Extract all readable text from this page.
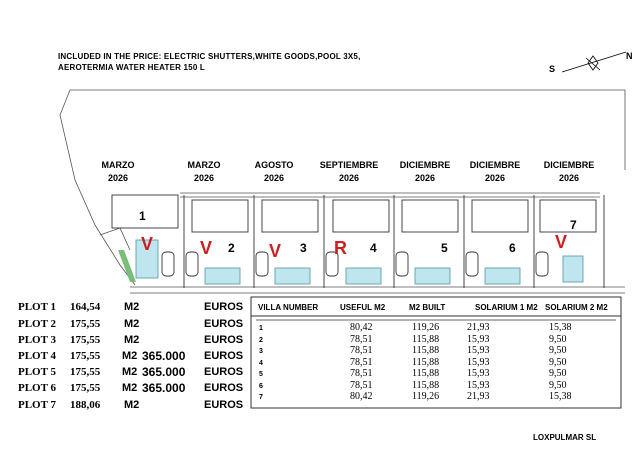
INCLUDED IN THE PRICE: ELECTRIC SHUTTERS,WHITE GOODS,POOL 3X5,
AEROTERMIA WATER HEATER 150 L	S
N
MARZO
2026
MARZO
2026
AGOSTO
2026
SEPTIEMBRE
2026
DICIEMBRE
2026
DICIEMBRE
2026
DICIEMBRE
2026
1
2	3	4	5	6
7
V	V	V	R	V
PLOT 1 164,54 M2	EUROS
PLOT 2 175,55 M2	EUROS
PLOT 3 175,55 M2	EUROS
PLOT 4 175,55 M2 365.000 EUROS
PLOT 5 175,55 M2 365.000 EUROS
PLOT 6 175,55 M2 365.000 EUROS
PLOT 7 188,06 M2	EUROS
VILLA NUMBER	USEFUL M2	M2 BUILT	SOLARIUM 1 M2 SOLARIUM 2 M2
1	80,42	119,26	21,93	15,38
2	78,51	115,88	15,93	9,50
3	78,51	115,88	15,93	9,50
4	78,51	115,88	15,93	9,50
5	78,51	115,88	15,93	9,50
6	78,51	115,88	15,93	9,50
7	80,42	119,26	21,93	15,38
LOXPULMAR SL
